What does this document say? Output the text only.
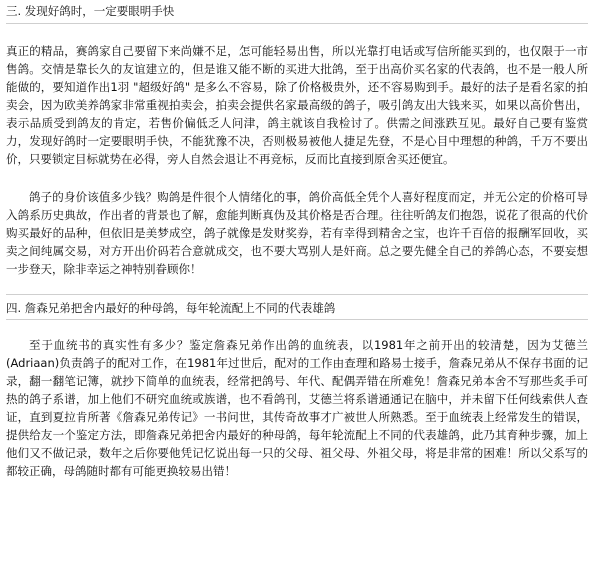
三. 发现好鸽时，一定要眼明手快

真正的精品，赛鸽家自己要留下来尚嫌不足，怎可能轻易出售，所以光靠打电话或写信所能买到的，也仅限于一市售鸽。交情是靠长久的友谊建立的，但是谁又能不断的买进大批鸽，至于出高价买名家的代表鸽，也不是一般人所能做的，要知道作出1羽 "超级好鸽" 是多么不容易，除了价格极贵外，还不容易购到手。最好的法子是看名家的拍卖会，因为欧美养鸽家非常重视拍卖会，拍卖会提供名家最高级的鸽子，吸引鸽友出大钱来买，如果以高价售出，表示品质受到鸽友的肯定，若售价偏低乏人问津，鸽主就该自我检讨了。供需之间涨跌互见。最好自己要有鉴赏力，发现好鸽时一定要眼明手快，不能犹豫不决，否则极易被他人捷足先登，不是心目中理想的种鸽，千万不要出价，只要锁定目标就势在必得，旁人自然会退让不再竞标，反而比直接到原舍买还便宜。

鸽子的身价该值多少钱？购鸽是件很个人情绪化的事，鸽价高低全凭个人喜好程度而定，并无公定的价格可导入鸽系历史典故，作出者的背景也了解，愈能判断真伪及其价格是否合理。往往听鸽友们抱怨，说花了很高的代价购买最好的品种，但依旧是美梦成空，鸽子就像是发财奖券，若有幸得到精舍之宝，也许千百倍的报酬军回收，买卖之间纯属交易，对方开出价码若合意就成交，也不要大骂别人是奸商。总之要先健全自己的养鸽心态，不要妄想一步登天，除非幸运之神特别眷顾你！

四. 詹森兄弟把舍内最好的种母鸽，每年轮流配上不同的代表雄鸽

至于血统书的真实性有多少？鉴定詹森兄弟作出鸽的血统表，以1981年之前开出的较清楚，因为艾德兰(Adriaan)负责鸽子的配对工作，在1981年过世后，配对的工作由查理和路易士接手，詹森兄弟从不保存书面的记录，翻一翻笔记簿，就抄下简单的血统表，经常把鸽号、年代、配偶弄错在所难免！詹森兄弟本舍不写那些炙手可热的鸽子系谱，加上他们不研究血统或族谱，也不看鸽刊，艾德兰将系谱通通记在脑中，并未留下任何线索供人查证，直到夏拉肯所著《詹森兄弟传记》一书问世，其传奇故事才广被世人所熟悉。至于血统表上经常发生的错误，提供给友一个鉴定方法，即詹森兄弟把舍内最好的种母鸽，每年轮流配上不同的代表雄鸽，此乃其育种步骤，加上他们又不做记录，数年之后你要他凭记忆说出每一只的父母、祖父母、外祖父母，将是非常的困难！所以父系写的都较正确，母鸽随时都有可能更换较易出错！
